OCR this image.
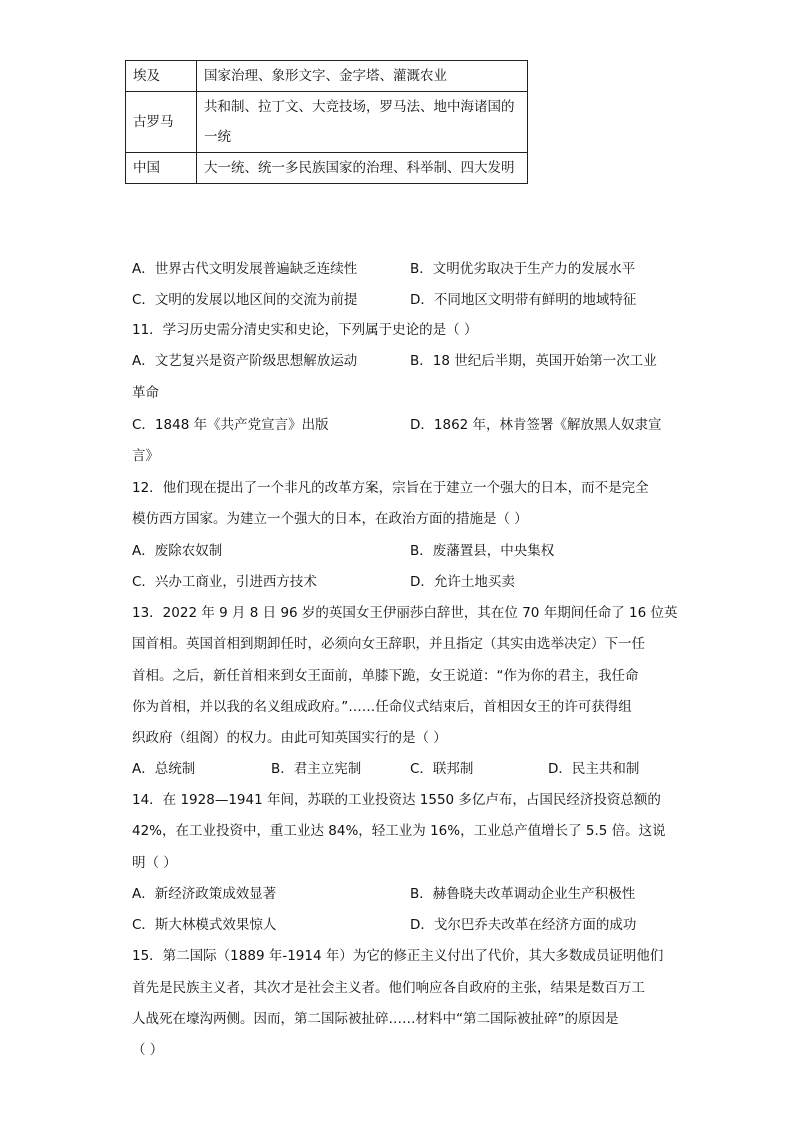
埃及	国家治理、象形文字、金字塔、灌溉农业
古罗马	共和制、拉丁文、大竞技场，罗马法、地中海诸国的
一统

中国	大一统、统一多民族国家的治理、科举制、四大发明
A．世界古代文明发展普遍缺乏连续性	B．文明优劣取决于生产力的发展水平
C．文明的发展以地区间的交流为前提	D．不同地区文明带有鲜明的地域特征
11．学习历史需分清史实和史论，下列属于史论的是（ ）
A．文艺复兴是资产阶级思想解放运动	B．18 世纪后半期，英国开始第一次工业
革命
C．1848 年《共产党宣言》出版	D．1862 年，林肯签署《解放黑人奴隶宣
言》
12．他们现在提出了一个非凡的改革方案，宗旨在于建立一个强大的日本，而不是完全
模仿西方国家。为建立一个强大的日本，在政治方面的措施是（ ）
A．废除农奴制	B．废藩置县，中央集权
C．兴办工商业，引进西方技术	D．允许土地买卖
13．2022 年 9 月 8 日 96 岁的英国女王伊丽莎白辞世，其在位 70 年期间任命了 16 位英
国首相。英国首相到期卸任时，必须向女王辞职，并且指定（其实由选举决定）下一任
首相。之后，新任首相来到女王面前，单膝下跪，女王说道：“作为你的君主，我任命
你为首相，并以我的名义组成政府。”……任命仪式结束后，首相因女王的许可获得组
织政府（组阁）的权力。由此可知英国实行的是（ ）
A．总统制	B．君主立宪制	C．联邦制	D．民主共和制
14．在 1928—1941 年间，苏联的工业投资达 1550 多亿卢布，占国民经济投资总额的
42%，在工业投资中，重工业达 84%，轻工业为 16%，工业总产值增长了 5.5 倍。这说
明（ ）
A．新经济政策成效显著	B．赫鲁晓夫改革调动企业生产积极性
C．斯大林模式效果惊人	D．戈尔巴乔夫改革在经济方面的成功
15．第二国际（1889 年-1914 年）为它的修正主义付出了代价，其大多数成员证明他们
首先是民族主义者，其次才是社会主义者。他们响应各自政府的主张，结果是数百万工
人战死在壕沟两侧。因而，第二国际被扯碎……材料中“第二国际被扯碎”的原因是
（ ）
